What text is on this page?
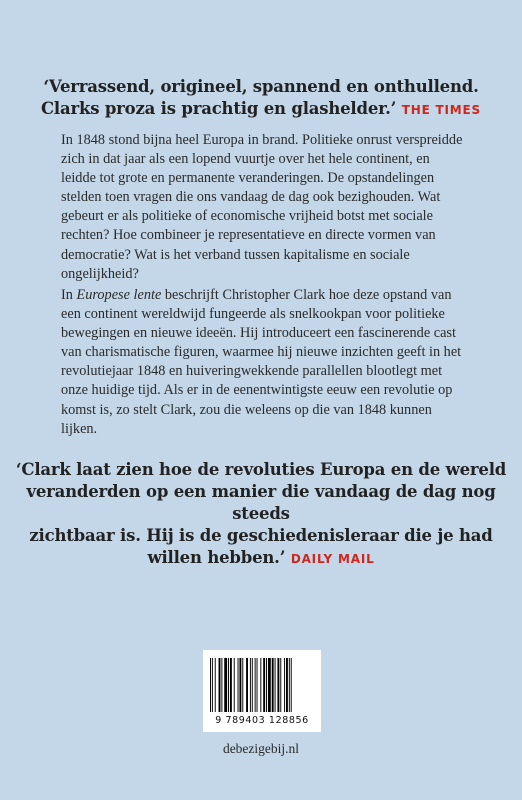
‘Verrassend, origineel, spannend en onthullend.
Clarks proza is prachtig en glashelder.’ THE TIMES
In 1848 stond bijna heel Europa in brand. Politieke onrust verspreidde
zich in dat jaar als een lopend vuurtje over het hele continent, en
leidde tot grote en permanente veranderingen. De opstandelingen
stelden toen vragen die ons vandaag de dag ook bezighouden. Wat
gebeurt er als politieke of economische vrijheid botst met sociale
rechten? Hoe combineer je representatieve en directe vormen van
democratie? Wat is het verband tussen kapitalisme en sociale
ongelijkheid?
In Europese lente beschrijft Christopher Clark hoe deze opstand van
een continent wereldwijd fungeerde als snelkookpan voor politieke
bewegingen en nieuwe ideeën. Hij introduceert een fascinerende cast
van charismatische figuren, waarmee hij nieuwe inzichten geeft in het
revolutiejaar 1848 en huiveringwekkende parallellen blootlegt met
onze huidige tijd. Als er in de eenentwintigste eeuw een revolutie op
komst is, zo stelt Clark, zou die weleens op die van 1848 kunnen
lijken.
‘Clark laat zien hoe de revoluties Europa en de wereld
veranderden op een manier die vandaag de dag nog steeds
zichtbaar is. Hij is de geschiedenisleraar die je had
willen hebben.’ DAILY MAIL
9 789403 128856
debezigebij.nl
